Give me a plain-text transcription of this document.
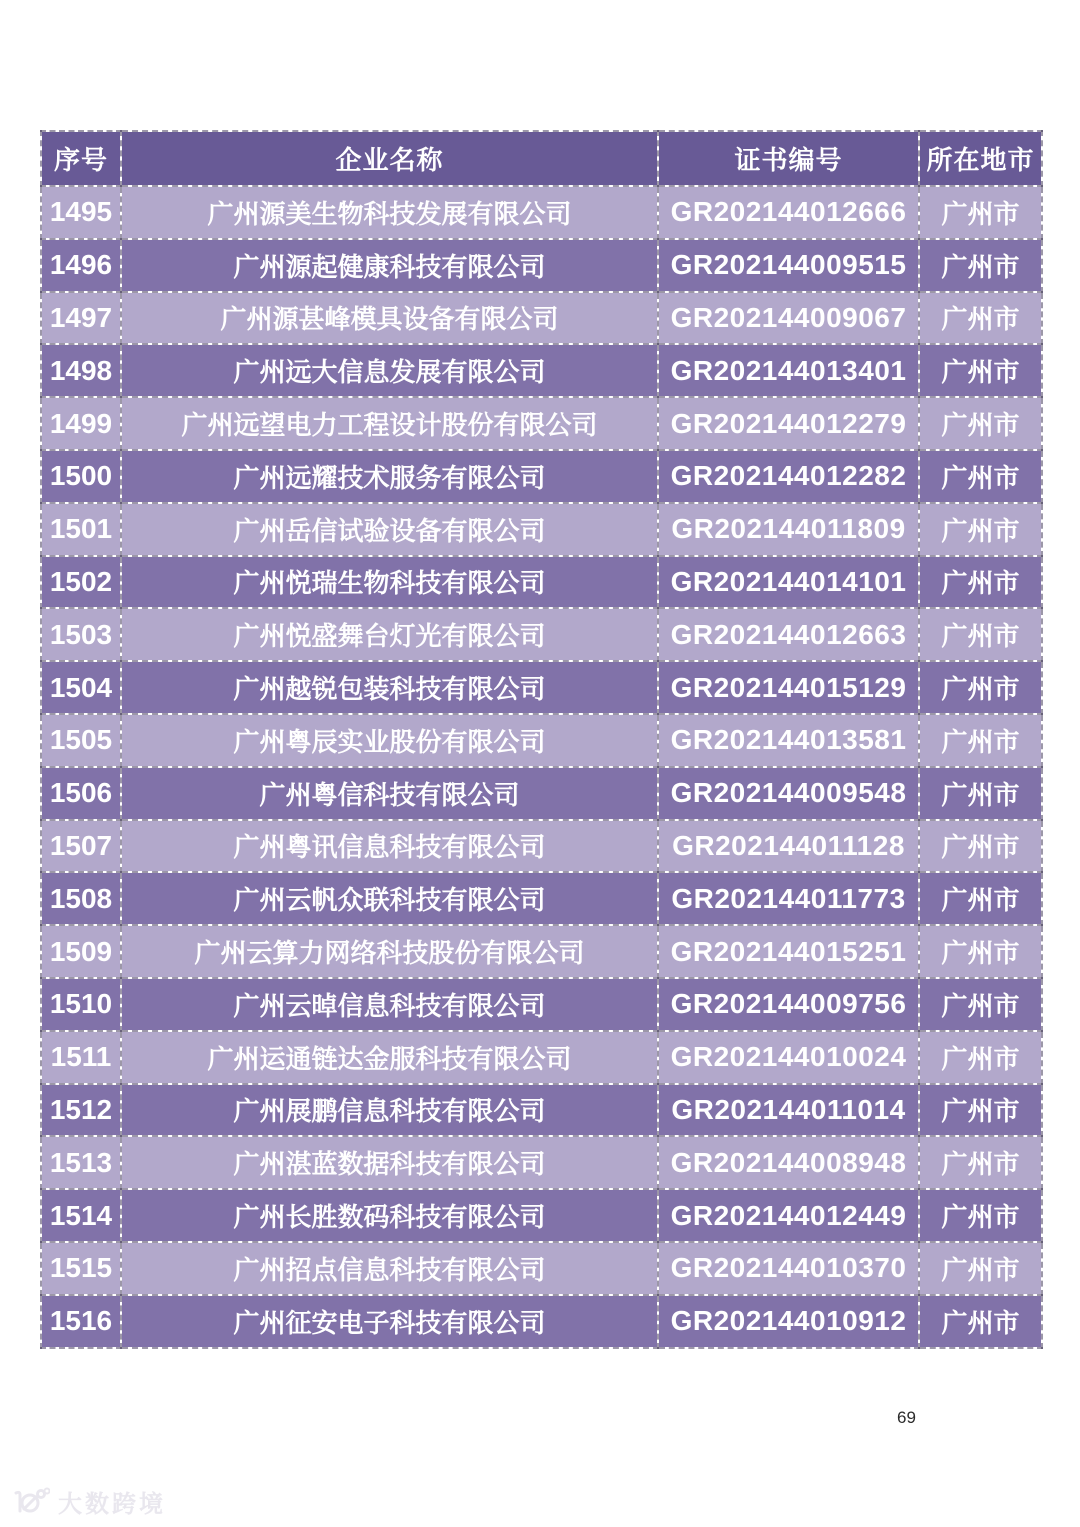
序号	企业名称	证书编号	所在地市
1495	广州源美生物科技发展有限公司	GR202144012666	广州市
1496	广州源起健康科技有限公司	GR202144009515	广州市
1497	广州源甚峰模具设备有限公司	GR202144009067	广州市
1498	广州远大信息发展有限公司	GR202144013401	广州市
1499	广州远望电力工程设计股份有限公司	GR202144012279	广州市
1500	广州远耀技术服务有限公司	GR202144012282	广州市
1501	广州岳信试验设备有限公司	GR202144011809	广州市
1502	广州悦瑞生物科技有限公司	GR202144014101	广州市
1503	广州悦盛舞台灯光有限公司	GR202144012663	广州市
1504	广州越锐包装科技有限公司	GR202144015129	广州市
1505	广州粤辰实业股份有限公司	GR202144013581	广州市
1506	广州粤信科技有限公司	GR202144009548	广州市
1507	广州粤讯信息科技有限公司	GR202144011128	广州市
1508	广州云帆众联科技有限公司	GR202144011773	广州市
1509	广州云算力网络科技股份有限公司	GR202144015251	广州市
1510	广州云晫信息科技有限公司	GR202144009756	广州市
1511	广州运通链达金服科技有限公司	GR202144010024	广州市
1512	广州展鹏信息科技有限公司	GR202144011014	广州市
1513	广州湛蓝数据科技有限公司	GR202144008948	广州市
1514	广州长胜数码科技有限公司	GR202144012449	广州市
1515	广州招点信息科技有限公司	GR202144010370	广州市
1516	广州征安电子科技有限公司	GR202144010912	广州市
69
大数跨境
